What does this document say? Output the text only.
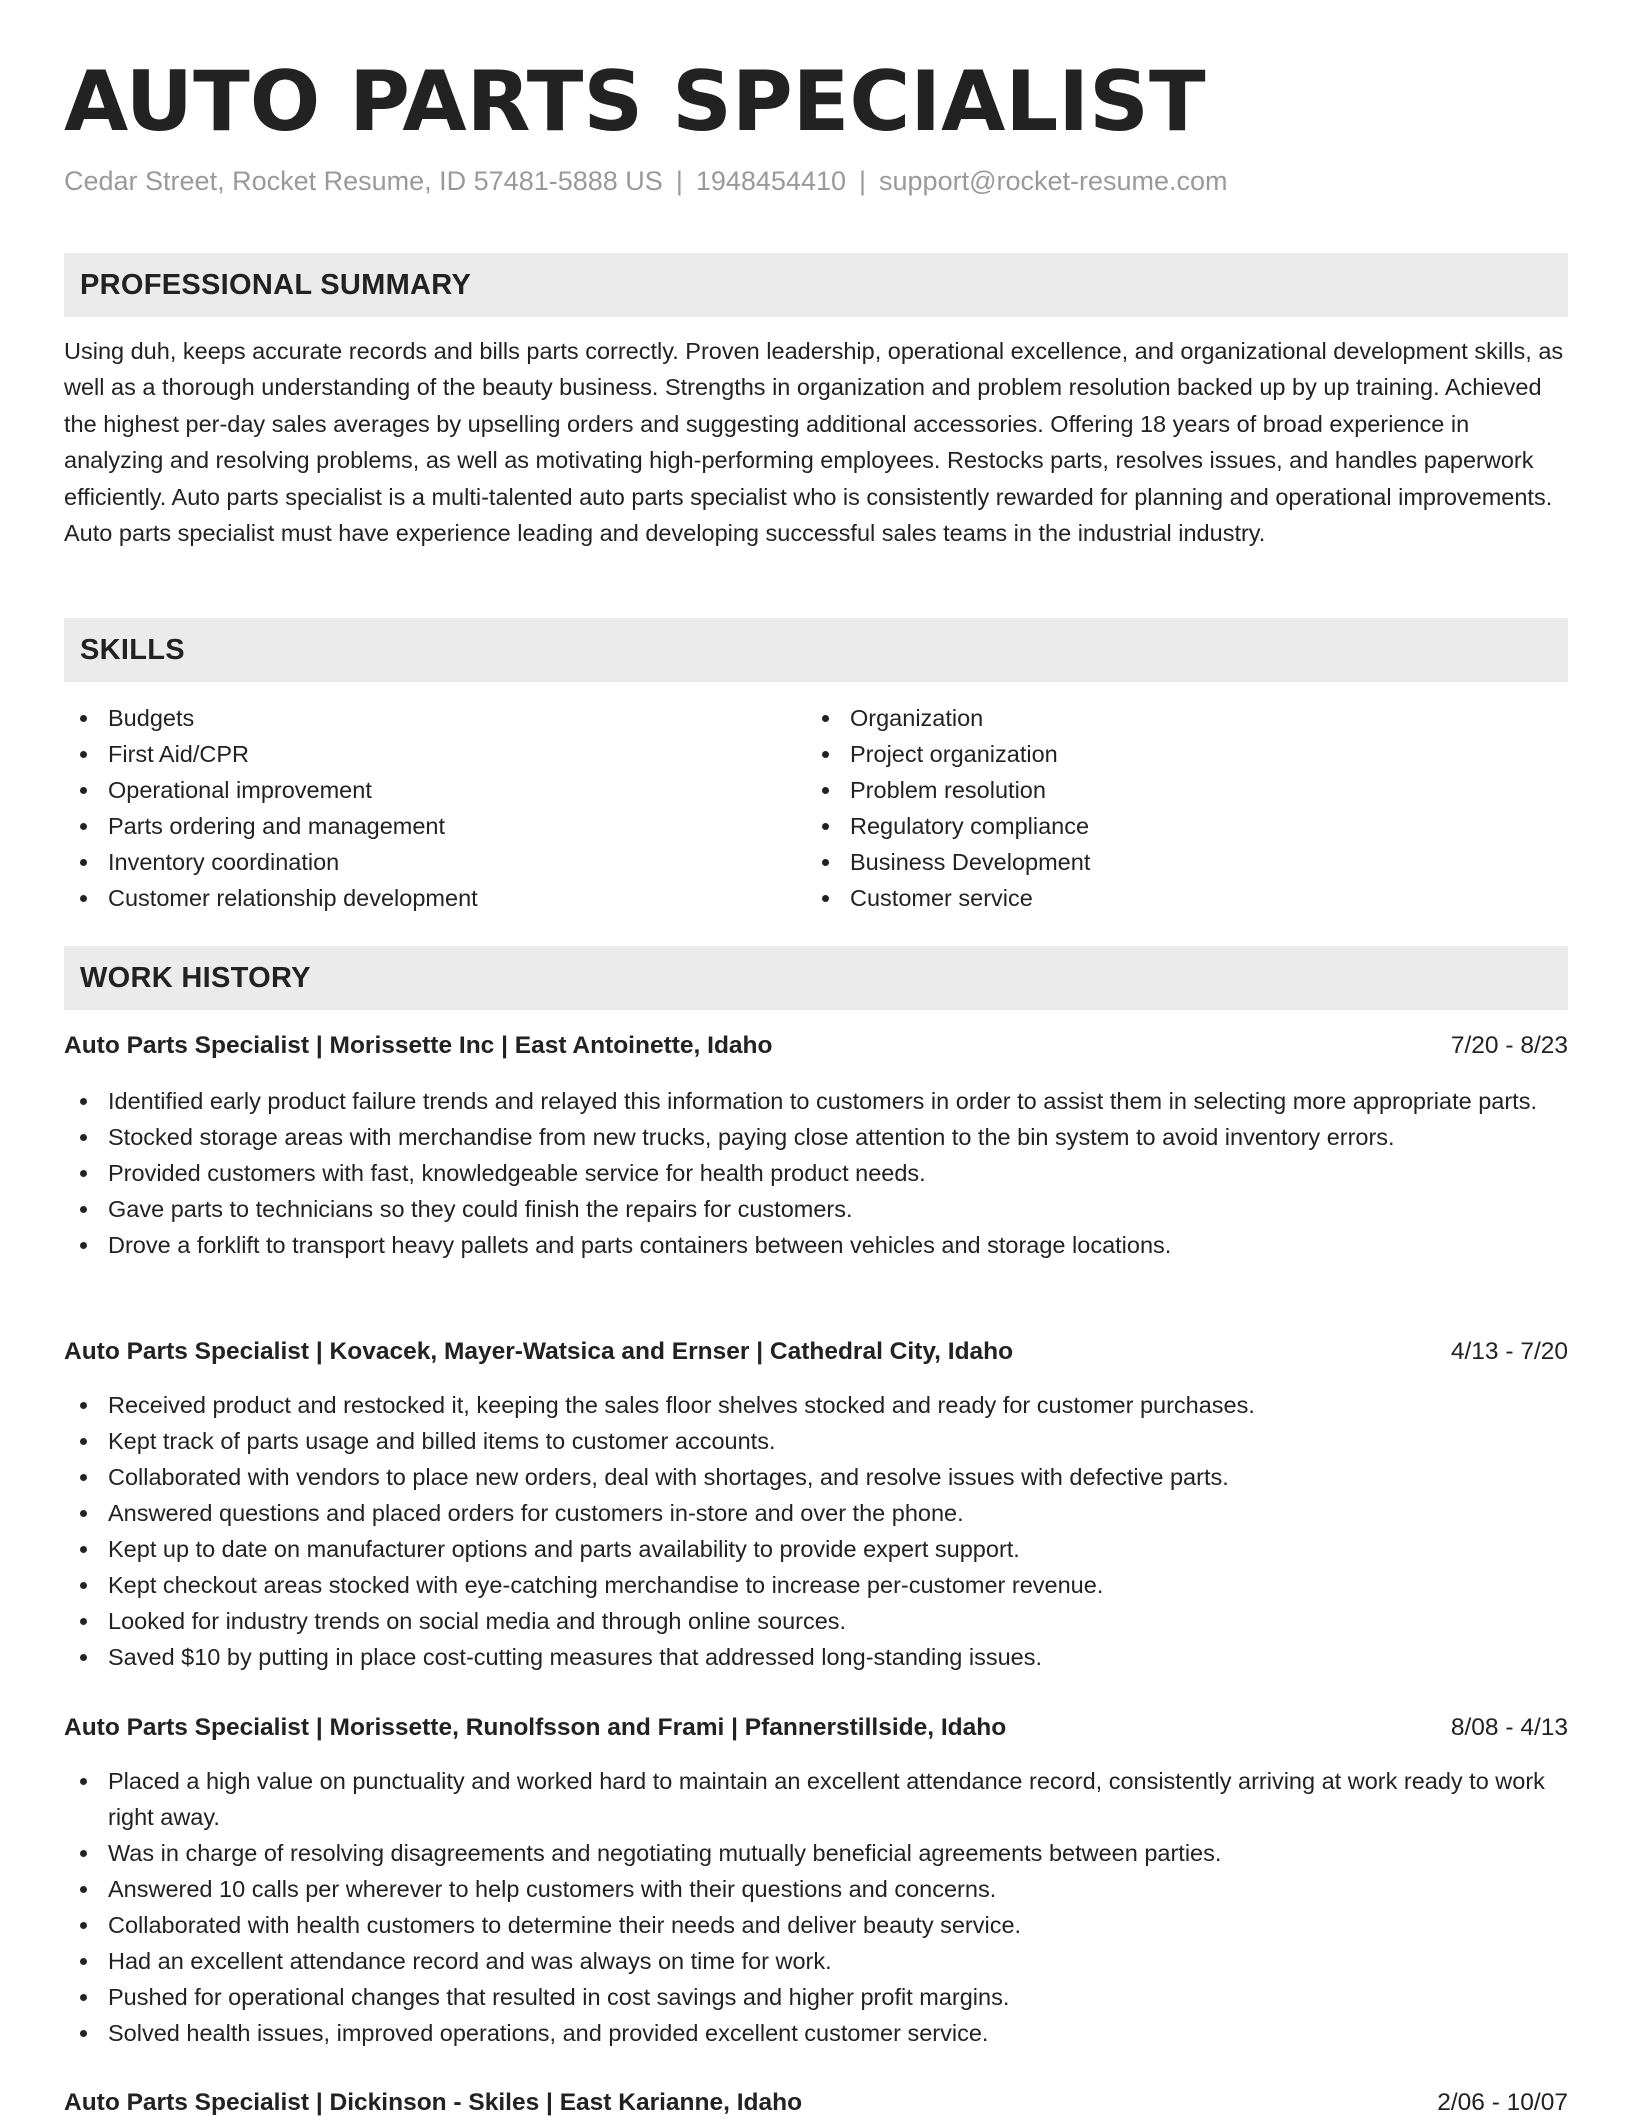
AUTO PARTS SPECIALIST
Cedar Street, Rocket Resume, ID 57481-5888 US | 1948454410 | support@rocket-resume.com
PROFESSIONAL SUMMARY

Using duh, keeps accurate records and bills parts correctly. Proven leadership, operational excellence, and organizational development skills, as well as a thorough understanding of the beauty business. Strengths in organization and problem resolution backed up by up training. Achieved the highest per-day sales averages by upselling orders and suggesting additional accessories. Offering 18 years of broad experience in analyzing and resolving problems, as well as motivating high-performing employees. Restocks parts, resolves issues, and handles paperwork efficiently. Auto parts specialist is a multi-talented auto parts specialist who is consistently rewarded for planning and operational improvements. Auto parts specialist must have experience leading and developing successful sales teams in the industrial industry.

SKILLS
Budgets
First Aid/CPR
Operational improvement
Parts ordering and management
Inventory coordination
Customer relationship development
Organization
Project organization
Problem resolution
Regulatory compliance
Business Development
Customer service
WORK HISTORY
Auto Parts Specialist | Morissette Inc | East Antoinette, Idaho	7/20 - 8/23
Identified early product failure trends and relayed this information to customers in order to assist them in selecting more appropriate parts.
Stocked storage areas with merchandise from new trucks, paying close attention to the bin system to avoid inventory errors.
Provided customers with fast, knowledgeable service for health product needs.
Gave parts to technicians so they could finish the repairs for customers.
Drove a forklift to transport heavy pallets and parts containers between vehicles and storage locations.
Auto Parts Specialist | Kovacek, Mayer-Watsica and Ernser | Cathedral City, Idaho	4/13 - 7/20
Received product and restocked it, keeping the sales floor shelves stocked and ready for customer purchases.
Kept track of parts usage and billed items to customer accounts.
Collaborated with vendors to place new orders, deal with shortages, and resolve issues with defective parts.
Answered questions and placed orders for customers in-store and over the phone.
Kept up to date on manufacturer options and parts availability to provide expert support.
Kept checkout areas stocked with eye-catching merchandise to increase per-customer revenue.
Looked for industry trends on social media and through online sources.
Saved $10 by putting in place cost-cutting measures that addressed long-standing issues.
Auto Parts Specialist | Morissette, Runolfsson and Frami | Pfannerstillside, Idaho	8/08 - 4/13
Placed a high value on punctuality and worked hard to maintain an excellent attendance record, consistently arriving at work ready to work right away.
Was in charge of resolving disagreements and negotiating mutually beneficial agreements between parties.
Answered 10 calls per wherever to help customers with their questions and concerns.
Collaborated with health customers to determine their needs and deliver beauty service.
Had an excellent attendance record and was always on time for work.
Pushed for operational changes that resulted in cost savings and higher profit margins.
Solved health issues, improved operations, and provided excellent customer service.
Auto Parts Specialist | Dickinson - Skiles | East Karianne, Idaho	2/06 - 10/07
